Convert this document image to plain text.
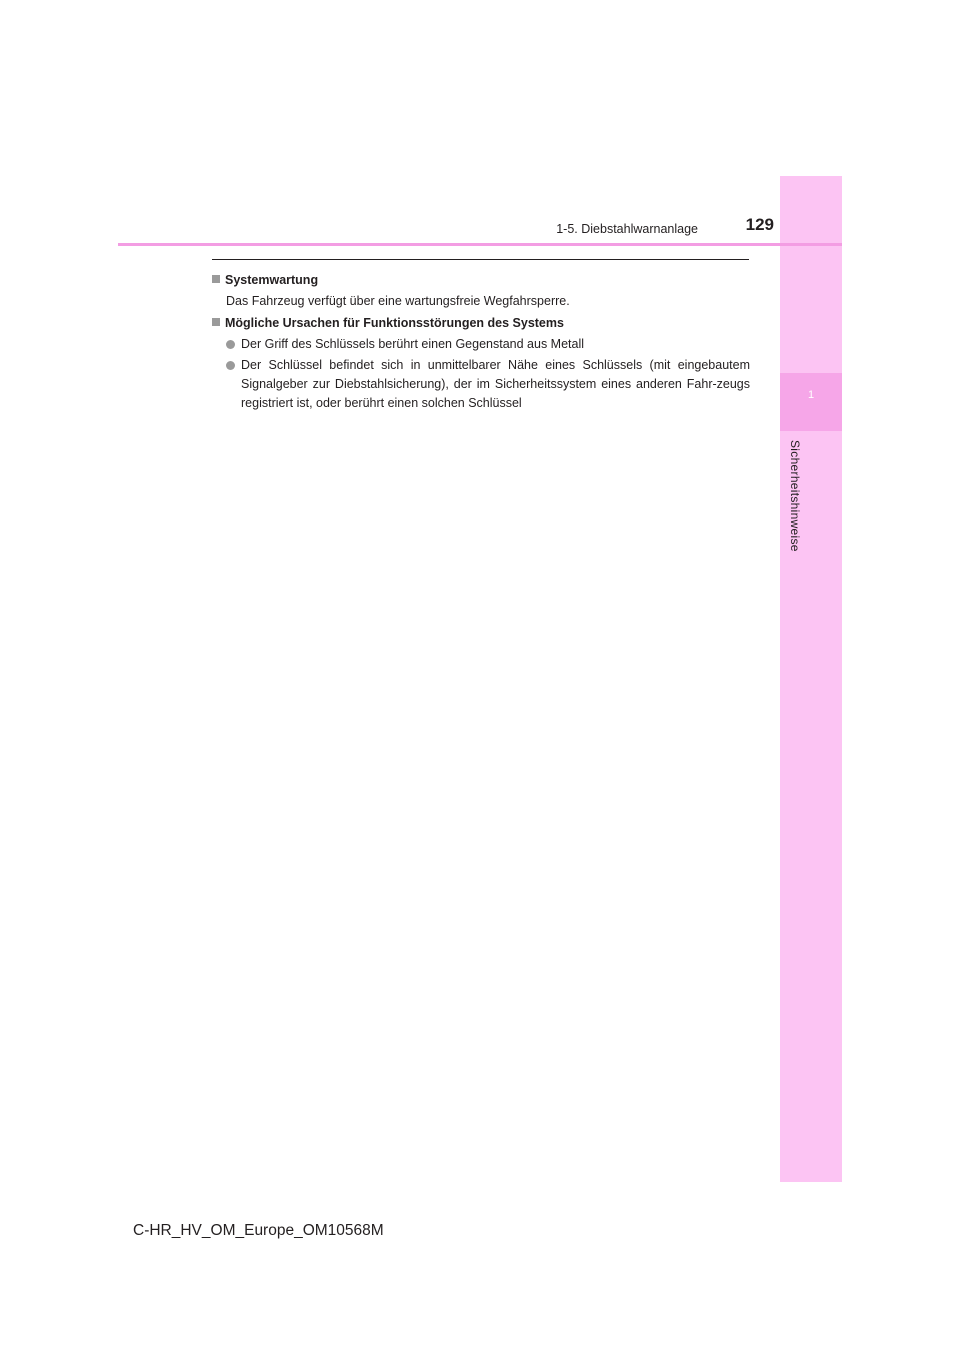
1
Sicherheitshinweise
1-5. Diebstahlwarnanlage	129
Systemwartung
Das Fahrzeug verfügt über eine wartungsfreie Wegfahrsperre.
Mögliche Ursachen für Funktionsstörungen des Systems
Der Griff des Schlüssels berührt einen Gegenstand aus Metall
Der Schlüssel befindet sich in unmittelbarer Nähe eines Schlüssels (mit eingebautem Signalgeber zur Diebstahlsicherung), der im Sicherheitssystem eines anderen Fahr-zeugs registriert ist, oder berührt einen solchen Schlüssel
C-HR_HV_OM_Europe_OM10568M
